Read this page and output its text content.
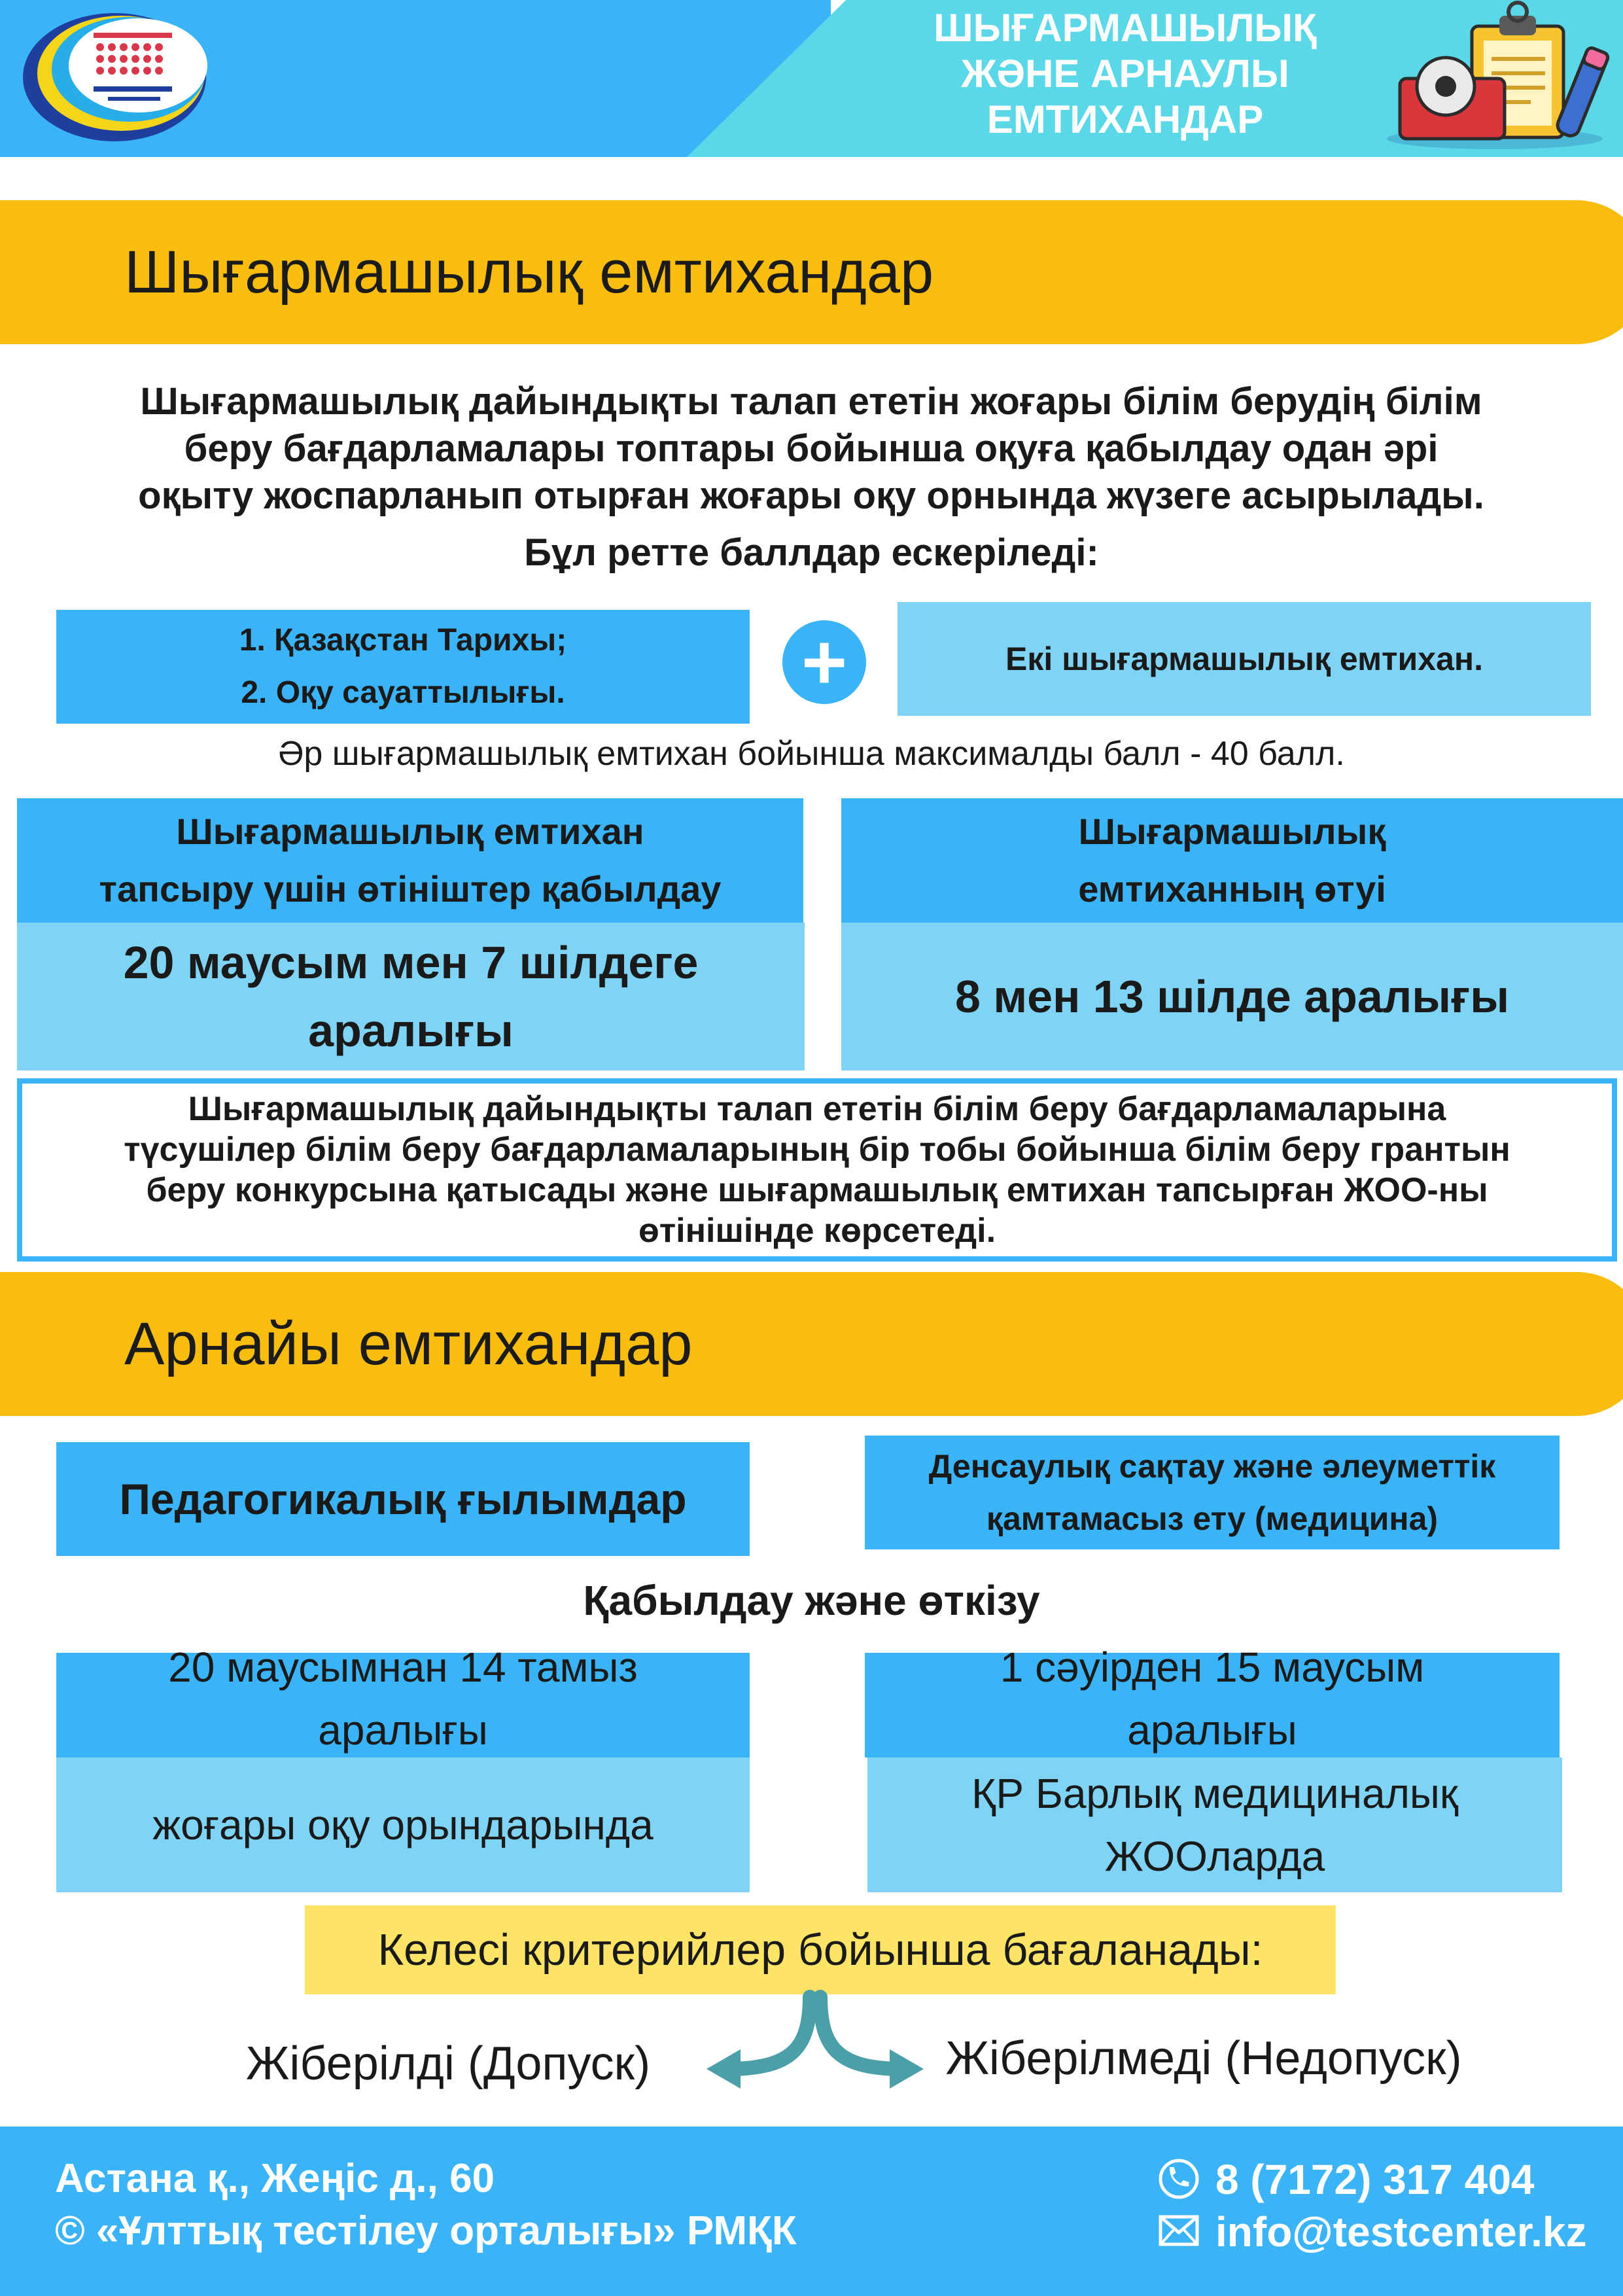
ШЫҒАРМАШЫЛЫҚ
ЖӘНЕ АРНАУЛЫ
ЕМТИХАНДАР
Шығармашылық емтихандар
Шығармашылық дайындықты талап ететін жоғары білім берудің білім
беру бағдарламалары топтары бойынша оқуға қабылдау одан әрі
оқыту жоспарланып отырған жоғары оқу орнында жүзеге асырылады.
Бұл ретте баллдар ескеріледі:
1. Қазақстан Тарихы;
2. Оқу сауаттылығы.	+	Екі шығармашылық емтихан.
Әр шығармашылық емтихан бойынша максималды балл - 40 балл.
Шығармашылық емтихан
тапсыру үшін өтініштер қабылдау
20 маусым мен 7 шілдеге
аралығы
Шығармашылық
емтиханның өтуі
8 мен 13 шілде аралығы
Шығармашылық дайындықты талап ететін білім беру бағдарламаларына
түсушілер білім беру бағдарламаларының бір тобы бойынша білім беру грантын
беру конкурсына қатысады және шығармашылық емтихан тапсырған ЖОО-ны
өтінішінде көрсетеді.
Арнайы емтихандар
Педагогикалық ғылымдар
Денсаулық сақтау және әлеуметтік
қамтамасыз ету (медицина)
Қабылдау және өткізу
20 маусымнан 14 тамыз
аралығы
жоғары оқу орындарында
1 сәуірден 15 маусым
аралығы
ҚР Барлық медициналық
ЖООларда
Келесі критерийлер бойынша бағаланады:
Жіберілді (Допуск)	Жіберілмеді (Недопуск)
Астана қ., Жеңіс д., 60
© «Ұлттық тестілеу орталығы» РМҚК
8 (7172) 317 404
info@testcenter.kz
